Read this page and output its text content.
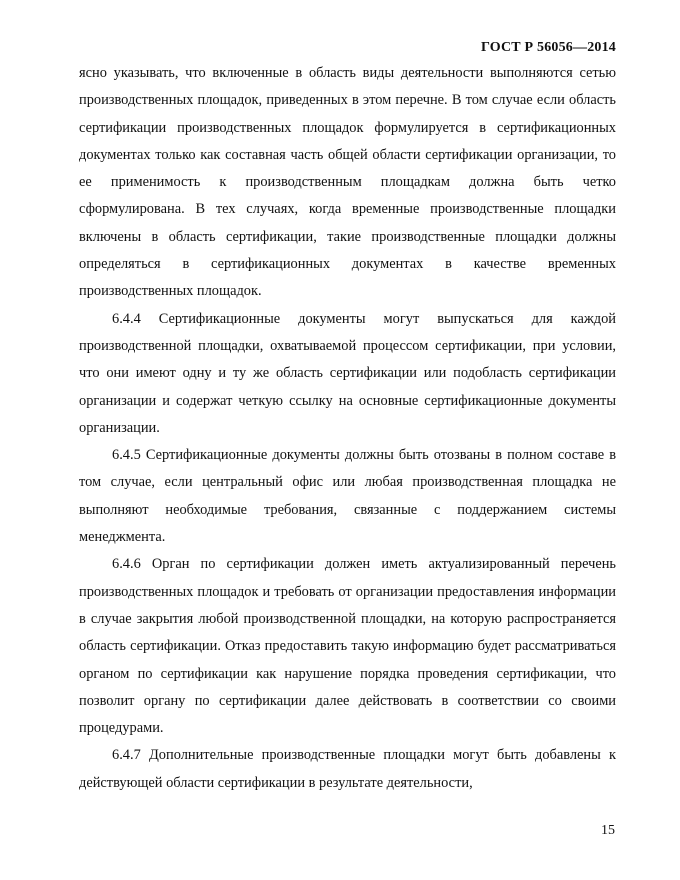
ГОСТ Р 56056—2014

ясно указывать, что включенные в область виды деятельности выполняются сетью производственных площадок, приведенных в этом перечне. В том случае если область сертификации производственных площадок формулируется в сертификационных документах только как составная часть общей области сертификации организации, то ее применимость к производственным площадкам должна быть четко сформулирована. В тех случаях, когда временные производственные площадки включены в область сертификации, такие производственные площадки должны определяться в сертификационных документах в качестве временных производственных площадок.

6.4.4 Сертификационные документы могут выпускаться для каждой производственной площадки, охватываемой процессом сертификации, при условии, что они имеют одну и ту же область сертификации или подобласть сертификации организации и содержат четкую ссылку на основные сертификационные документы организации.

6.4.5 Сертификационные документы должны быть отозваны в полном составе в том случае, если центральный офис или любая производственная площадка не выполняют необходимые требования, связанные с поддержанием системы менеджмента.

6.4.6 Орган по сертификации должен иметь актуализированный перечень производственных площадок и требовать от организации предоставления информации в случае закрытия любой производственной площадки, на которую распространяется область сертификации. Отказ предоставить такую информацию будет рассматриваться органом по сертификации как нарушение порядка проведения сертификации, что позволит органу по сертификации далее действовать в соответствии со своими процедурами.

6.4.7 Дополнительные производственные площадки могут быть добавлены к действующей области сертификации в результате деятельности,

15
